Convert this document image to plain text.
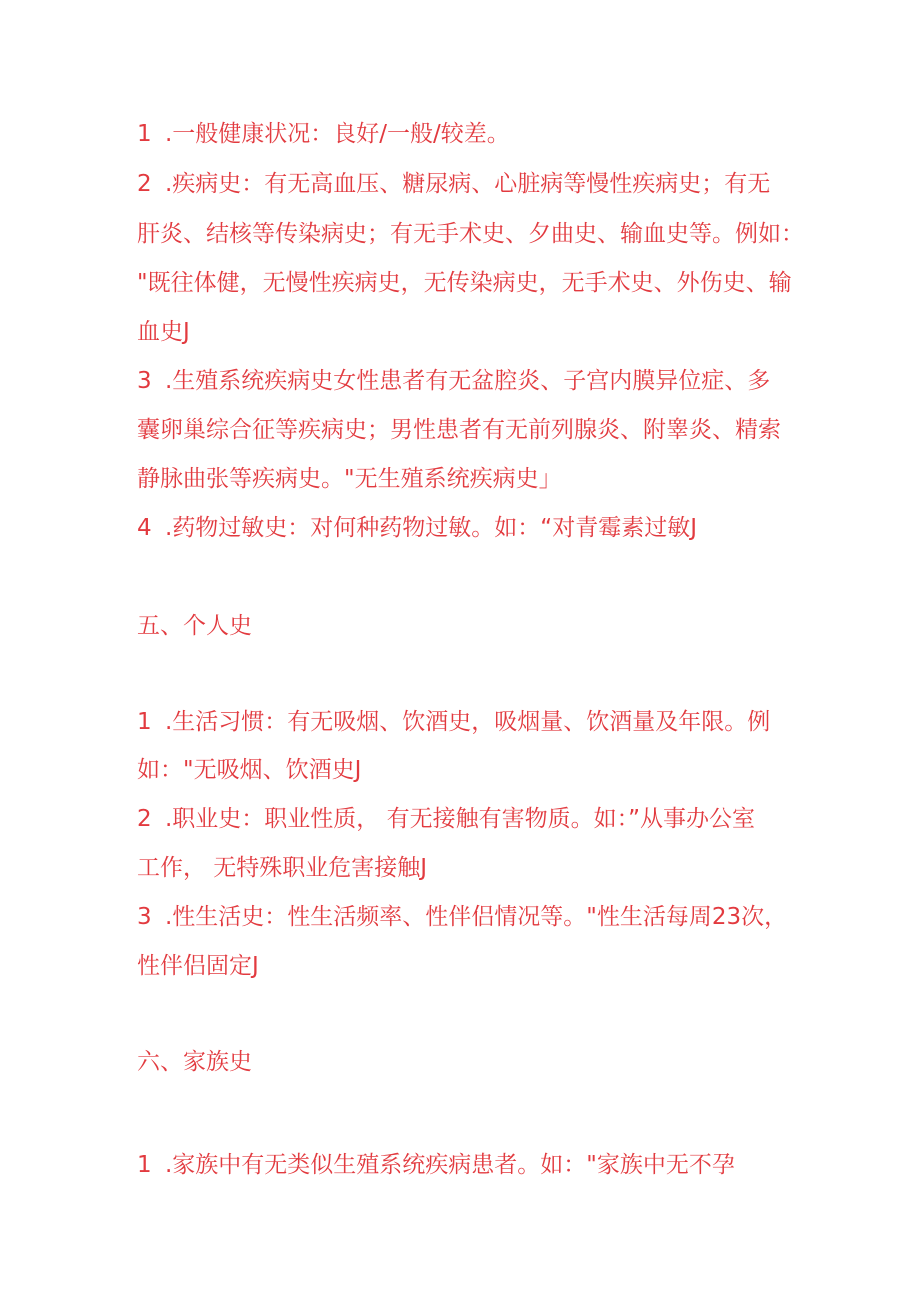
1 .一般健康状况：良好/一般/较差。
2 .疾病史：有无高血压、糖尿病、心脏病等慢性疾病史；有无
肝炎、结核等传染病史；有无手术史、夕曲史、输血史等。例如：
"既往体健，无慢性疾病史，无传染病史，无手术史、外伤史、输
血史J
3 .生殖系统疾病史女性患者有无盆腔炎、子宫内膜异位症、多
囊卵巢综合征等疾病史；男性患者有无前列腺炎、附睾炎、精索
静脉曲张等疾病史。"无生殖系统疾病史」
4 .药物过敏史：对何种药物过敏。如：“对青霉素过敏J
五、个人史
1 .生活习惯：有无吸烟、饮酒史，吸烟量、饮酒量及年限。例
如："无吸烟、饮酒史J
2 .职业史：职业性质， 有无接触有害物质。如：”从事办公室
工作， 无特殊职业危害接触J
3 .性生活史：性生活频率、性伴侣情况等。"性生活每周23次，
性伴侣固定J
六、家族史
1 .家族中有无类似生殖系统疾病患者。如："家族中无不孕
